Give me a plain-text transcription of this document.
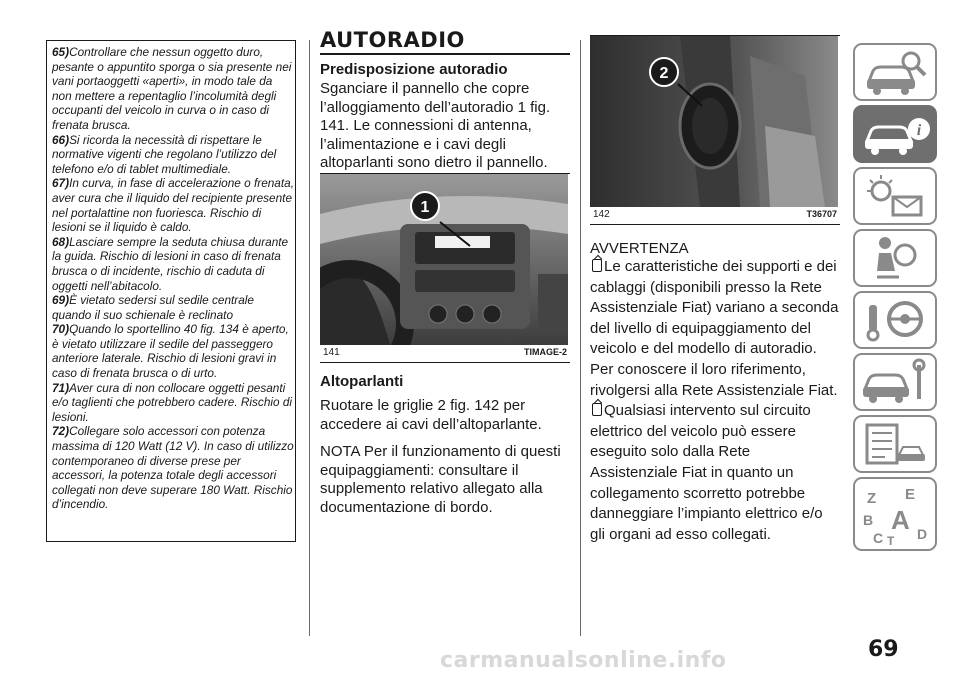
65)Controllare che nessun oggetto duro, pesante o appuntito sporga o sia presente nei vani portaoggetti «aperti», in modo tale da non mettere a repentaglio l’incolumità degli occupanti del veicolo in curva o in caso di frenata brusca.
66)Si ricorda la necessità di rispettare le normative vigenti che regolano l’utilizzo del telefono e/o di tablet multimediale.
67)In curva, in fase di accelerazione o frenata, aver cura che il liquido del recipiente presente nel portalattine non fuoriesca. Rischio di lesioni se il liquido è caldo.
68)Lasciare sempre la seduta chiusa durante la guida. Rischio di lesioni in caso di frenata brusca o di incidente, rischio di caduta di oggetti nell’abitacolo.
69)È vietato sedersi sul sedile centrale quando il suo schienale è reclinato
70)Quando lo sportellino 40 fig. 134 è aperto, è vietato utilizzare il sedile del passeggero anteriore laterale. Rischio di lesioni gravi in caso di frenata brusca o di urto.
71)Aver cura di non collocare oggetti pesanti e/o taglienti che potrebbero cadere. Rischio di lesioni.
72)Collegare solo accessori con potenza massima di 120 Watt (12 V). In caso di utilizzo contemporaneo di diverse prese per accessori, la potenza totale degli accessori collegati non deve superare 180 Watt. Rischio d’incendio.
AUTORADIO

Predisposizione autoradio

Sganciare il pannello che copre l’alloggiamento dell’autoradio 1 fig. 141. Le connessioni di antenna, l’alimentazione e i cavi degli altoparlanti sono dietro il pannello.

1
141	TIMAGE-2

Altoparlanti

Ruotare le griglie 2 fig. 142 per accedere ai cavi dell’altoparlante.

NOTA Per il funzionamento di questi equipaggiamenti: consultare il supplemento relativo allegato alla documentazione di bordo.

2
142	T36707
AVVERTENZA

Le caratteristiche dei supporti e dei cablaggi (disponibili presso la Rete Assistenziale Fiat) variano a seconda del livello di equipaggiamento del veicolo e del modello di autoradio. Per conoscere il loro riferimento, rivolgersi alla Rete Assistenziale Fiat.

Qualsiasi intervento sul circuito elettrico del veicolo può essere eseguito solo dalla Rete Assistenziale Fiat in quanto un collegamento scorretto potrebbe danneggiare l’impianto elettrico e/o gli organi ad esso collegati.

i
Z E
B A
C T D
69
carmanualsonline.info
